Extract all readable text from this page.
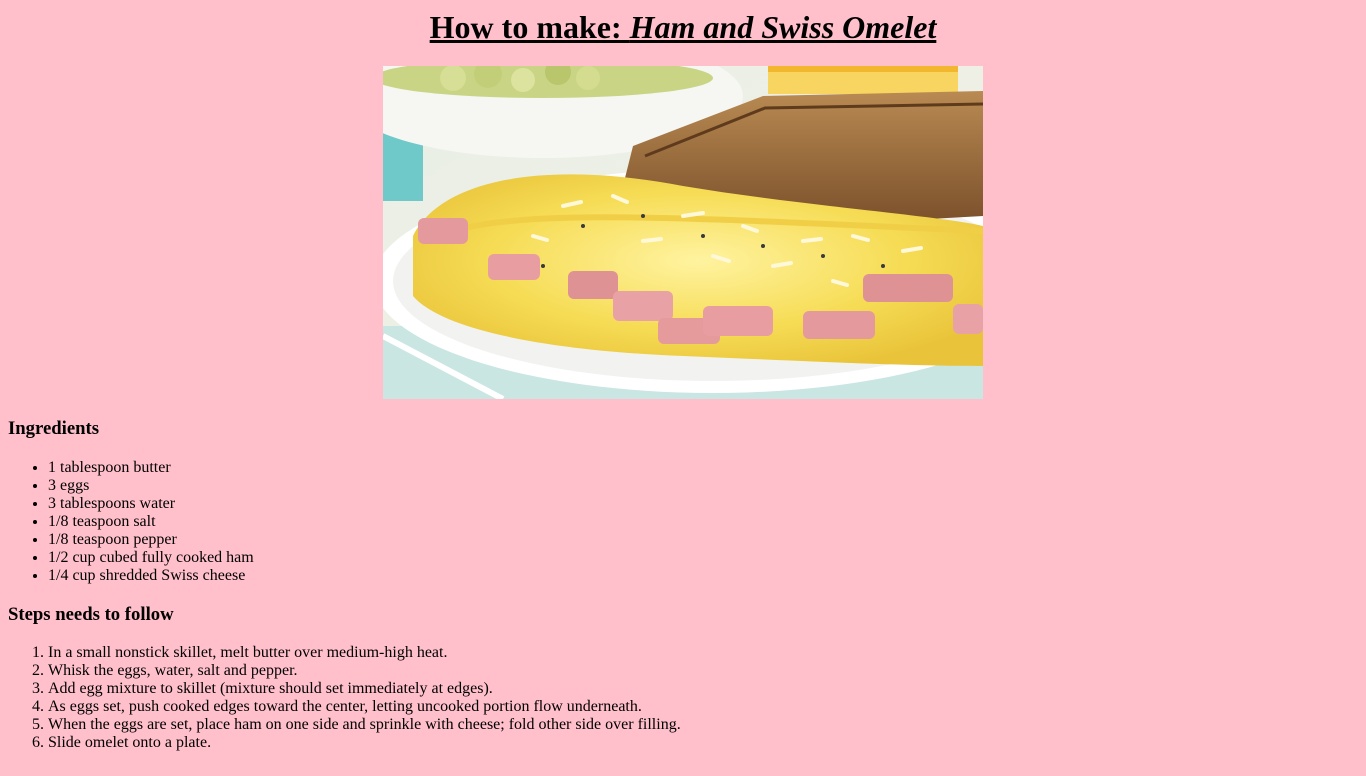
How to make: Ham and Swiss Omelet
Ingredients
• 1 tablespoon butter
• 3 eggs
• 3 tablespoons water
• 1/8 teaspoon salt
• 1/8 teaspoon pepper
• 1/2 cup cubed fully cooked ham
• 1/4 cup shredded Swiss cheese
Steps needs to follow
1. In a small nonstick skillet, melt butter over medium-high heat.
2. Whisk the eggs, water, salt and pepper.
3. Add egg mixture to skillet (mixture should set immediately at edges).
4. As eggs set, push cooked edges toward the center, letting uncooked portion flow underneath.
5. When the eggs are set, place ham on one side and sprinkle with cheese; fold other side over filling.
6. Slide omelet onto a plate.
